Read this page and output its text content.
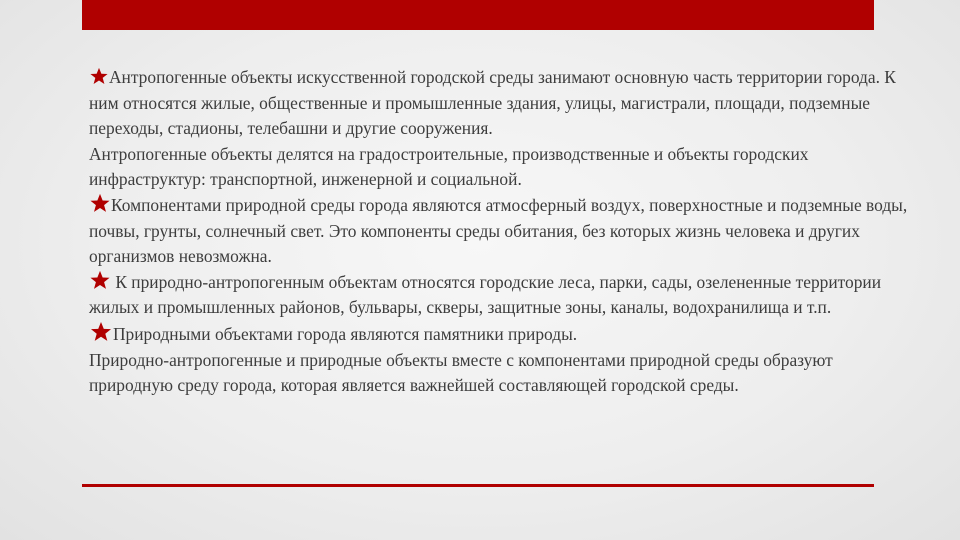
Антропогенные объекты искусственной городской среды занимают основную часть территории города. К ним относятся жилые, общественные и промышленные здания, улицы, магистрали, площади, подземные переходы, стадионы, телебашни и другие сооружения.

Антропогенные объекты делятся на градостроительные, производственные и объекты городских инфраструктур: транспортной, инженерной и социальной.

Компонентами природной среды города являются атмосферный воздух, поверхностные и подземные воды, почвы, грунты, солнечный свет. Это компоненты среды обитания, без которых жизнь человека и других организмов невозможна.

К природно-антропогенным объектам относятся городские леса, парки, сады, озелененные территории жилых и промышленных районов, бульвары, скверы, защитные зоны, каналы, водохранилища и т.п.

Природными объектами города являются памятники природы.

Природно-антропогенные и природные объекты вместе с компонентами природной среды образуют природную среду города, которая является важнейшей составляющей городской среды.
